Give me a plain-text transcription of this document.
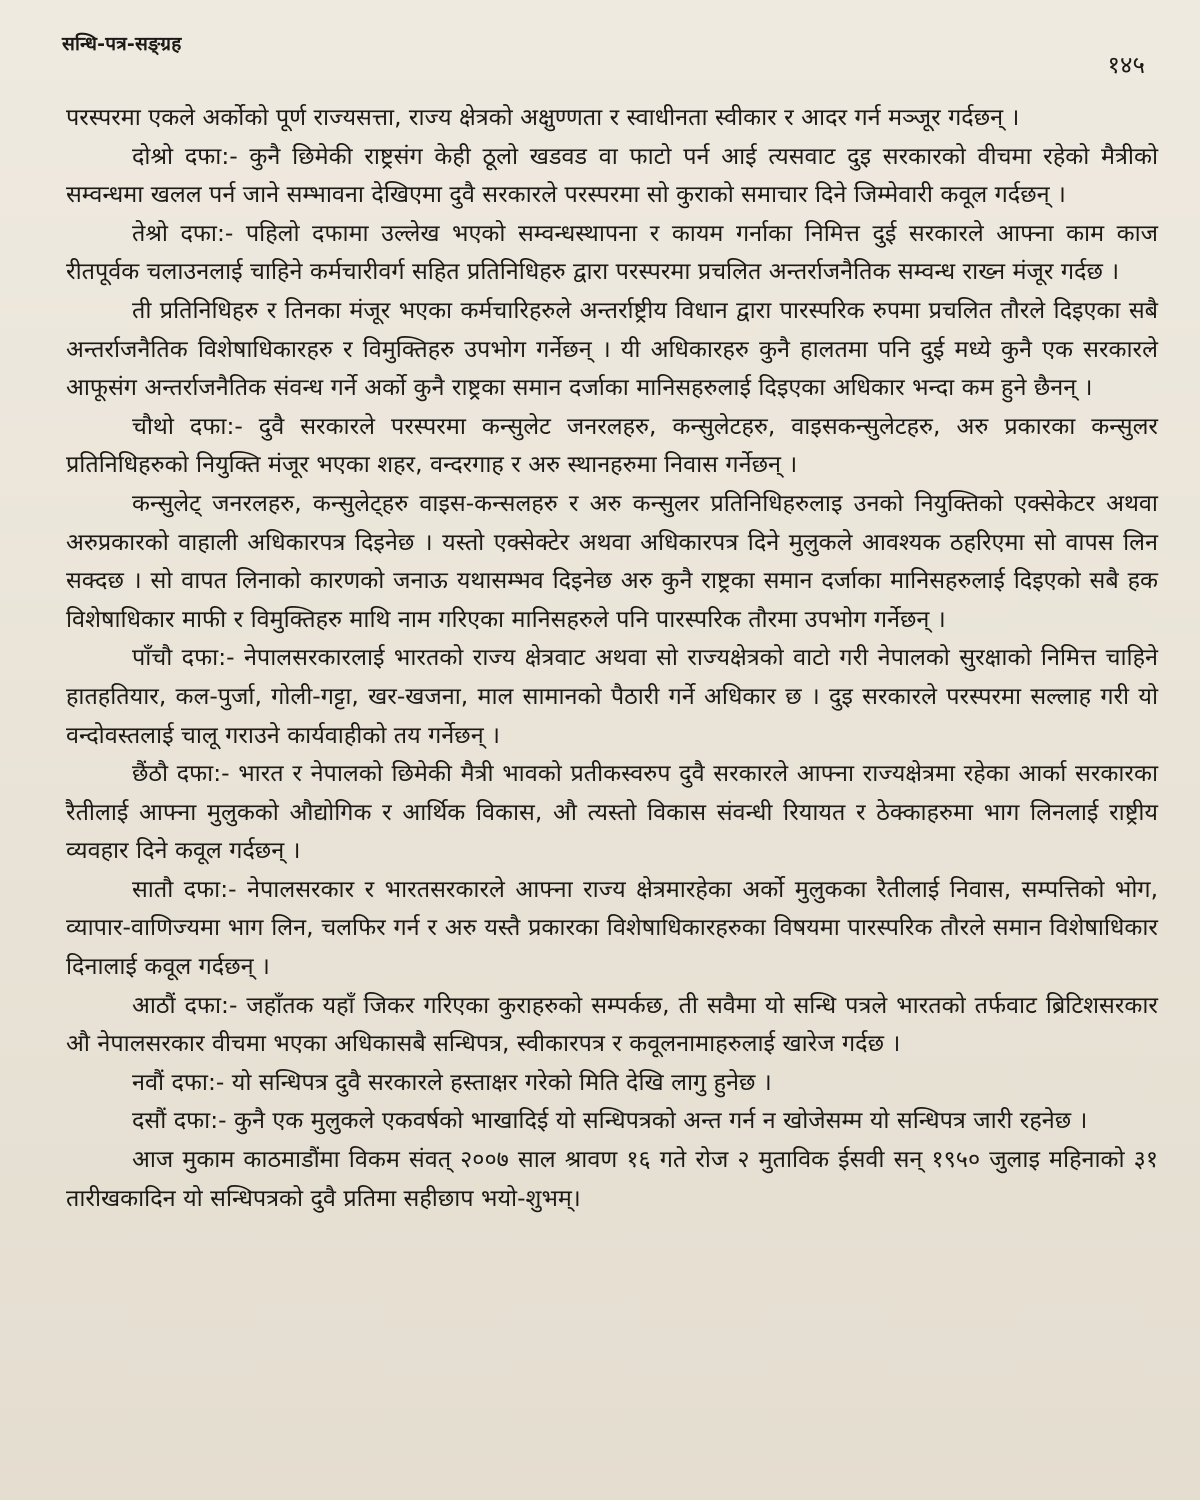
सन्धि-पत्र-सङ्ग्रह
१४५

परस्परमा एकले अर्कोको पूर्ण राज्यसत्ता, राज्य क्षेत्रको अक्षुण्णता र स्वाधीनता स्वीकार र आदर गर्न मञ्जूर गर्दछन् ।

दोश्रो दफा:- कुनै छिमेकी राष्ट्रसंग केही ठूलो खडवड वा फाटो पर्न आई त्यसवाट दुइ सरकारको वीचमा रहेको मैत्रीको सम्वन्धमा खलल पर्न जाने सम्भावना देखिएमा दुवै सरकारले परस्परमा सो कुराको समाचार दिने जिम्मेवारी कवूल गर्दछन् ।

तेश्रो दफा:- पहिलो दफामा उल्लेख भएको सम्वन्धस्थापना र कायम गर्नाका निमित्त दुई सरकारले आफ्ना काम काज रीतपूर्वक चलाउनलाई चाहिने कर्मचारीवर्ग सहित प्रतिनिधिहरु द्वारा परस्परमा प्रचलित अन्तर्राजनैतिक सम्वन्ध राख्न मंजूर गर्दछ ।

ती प्रतिनिधिहरु र तिनका मंजूर भएका कर्मचारिहरुले अन्तर्राष्ट्रीय विधान द्वारा पारस्परिक रुपमा प्रचलित तौरले दिइएका सबै अन्तर्राजनैतिक विशेषाधिकारहरु र विमुक्तिहरु उपभोग गर्नेछन् । यी अधिकारहरु कुनै हालतमा पनि दुई मध्ये कुनै एक सरकारले आफूसंग अन्तर्राजनैतिक संवन्ध गर्ने अर्को कुनै राष्ट्रका समान दर्जाका मानिसहरुलाई दिइएका अधिकार भन्दा कम हुने छैनन् ।

चौथो दफा:- दुवै सरकारले परस्परमा कन्सुलेट जनरलहरु, कन्सुलेटहरु, वाइसकन्सुलेटहरु, अरु प्रकारका कन्सुलर प्रतिनिधिहरुको नियुक्ति मंजूर भएका शहर, वन्दरगाह र अरु स्थानहरुमा निवास गर्नेछन् ।

कन्सुलेट् जनरलहरु, कन्सुलेट्हरु वाइस-कन्सलहरु र अरु कन्सुलर प्रतिनिधिहरुलाइ उनको नियुक्तिको एक्सेकेटर अथवा अरुप्रकारको वाहाली अधिकारपत्र दिइनेछ । यस्तो एक्सेक्टेर अथवा अधिकारपत्र दिने मुलुकले आवश्यक ठहरिएमा सो वापस लिन सक्दछ । सो वापत लिनाको कारणको जनाऊ यथासम्भव दिइनेछ अरु कुनै राष्ट्रका समान दर्जाका मानिसहरुलाई दिइएको सबै हक विशेषाधिकार माफी र विमुक्तिहरु माथि नाम गरिएका मानिसहरुले पनि पारस्परिक तौरमा उपभोग गर्नेछन् ।

पाँचौ दफा:- नेपालसरकारलाई भारतको राज्य क्षेत्रवाट अथवा सो राज्यक्षेत्रको वाटो गरी नेपालको सुरक्षाको निमित्त चाहिने हातहतियार, कल-पुर्जा, गोली-गट्टा, खर-खजना, माल सामानको पैठारी गर्ने अधिकार छ । दुइ सरकारले परस्परमा सल्लाह गरी यो वन्दोवस्तलाई चालू गराउने कार्यवाहीको तय गर्नेछन् ।

छैंठौ दफा:- भारत र नेपालको छिमेकी मैत्री भावको प्रतीकस्वरुप दुवै सरकारले आफ्ना राज्यक्षेत्रमा रहेका आर्का सरकारका रैतीलाई आफ्ना मुलुकको औद्योगिक र आर्थिक विकास, औ त्यस्तो विकास संवन्धी रियायत र ठेक्काहरुमा भाग लिनलाई राष्ट्रीय व्यवहार दिने कवूल गर्दछन् ।

सातौ दफा:- नेपालसरकार र भारतसरकारले आफ्ना राज्य क्षेत्रमारहेका अर्को मुलुकका रैतीलाई निवास, सम्पत्तिको भोग, व्यापार-वाणिज्यमा भाग लिन, चलफिर गर्न र अरु यस्तै प्रकारका विशेषाधिकारहरुका विषयमा पारस्परिक तौरले समान विशेषाधिकार दिनालाई कवूल गर्दछन् ।

आठौं दफा:- जहाँतक यहाँ जिकर गरिएका कुराहरुको सम्पर्कछ, ती सवैमा यो सन्धि पत्रले भारतको तर्फवाट ब्रिटिशसरकार औ नेपालसरकार वीचमा भएका अधिकासबै सन्धिपत्र, स्वीकारपत्र र कवूलनामाहरुलाई खारेज गर्दछ ।

नवौं दफा:- यो सन्धिपत्र दुवै सरकारले हस्ताक्षर गरेको मिति देखि लागु हुनेछ ।

दसौं दफा:- कुनै एक मुलुकले एकवर्षको भाखादिई यो सन्धिपत्रको अन्त गर्न न खोजेसम्म यो सन्धिपत्र जारी रहनेछ ।

आज मुकाम काठमाडौंमा विकम संवत् २००७ साल श्रावण १६ गते रोज २ मुताविक ईसवी सन् १९५० जुलाइ महिनाको ३१ तारीखकादिन यो सन्धिपत्रको दुवै प्रतिमा सहीछाप भयो-शुभम्।
